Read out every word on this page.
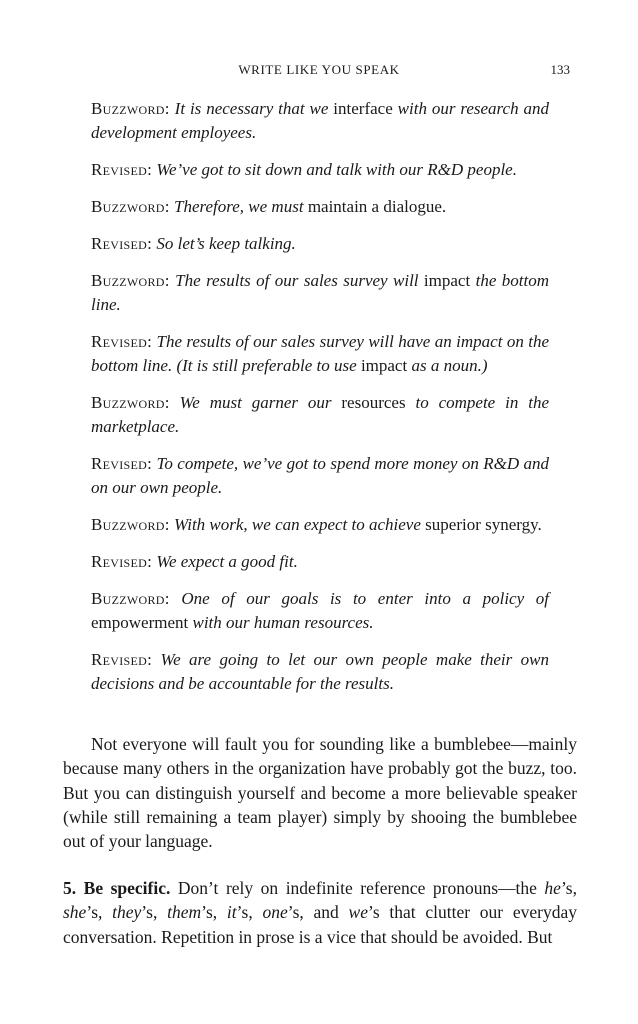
WRITE LIKE YOU SPEAK	133

Buzzword: It is necessary that we interface with our research and development employees.

Revised: We’ve got to sit down and talk with our R&D people.

Buzzword: Therefore, we must maintain a dialogue.

Revised: So let’s keep talking.

Buzzword: The results of our sales survey will impact the bottom line.

Revised: The results of our sales survey will have an impact on the bottom line. (It is still preferable to use impact as a noun.)

Buzzword: We must garner our resources to compete in the marketplace.

Revised: To compete, we’ve got to spend more money on R&D and on our own people.

Buzzword: With work, we can expect to achieve superior synergy.

Revised: We expect a good fit.

Buzzword: One of our goals is to enter into a policy of empowerment with our human resources.

Revised: We are going to let our own people make their own decisions and be accountable for the results.

Not everyone will fault you for sounding like a bumblebee—mainly because many others in the organization have probably got the buzz, too. But you can distinguish yourself and become a more believable speaker (while still remaining a team player) simply by shooing the bumblebee out of your language.

5. Be specific. Don’t rely on indefinite reference pronouns—the he’s, she’s, they’s, them’s, it’s, one’s, and we’s that clutter our everyday conversation. Repetition in prose is a vice that should be avoided. But
